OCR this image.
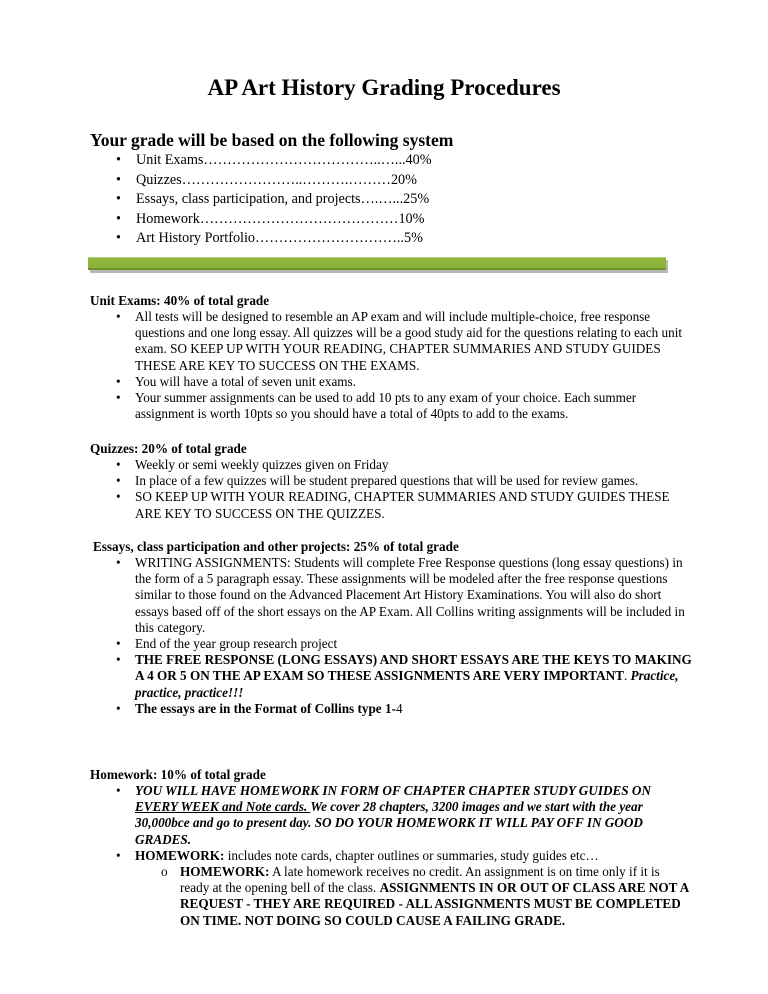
AP Art History Grading Procedures
Your grade will be based on the following system
• Unit Exams………………………………..…...40%
• Quizzes……………………..……….………20%
• Essays, class participation, and projects….…...25%
• Homework……………………………………10%
• Art History Portfolio…………………………..5%
Unit Exams: 40% of total grade
• All tests will be designed to resemble an AP exam and will include multiple-choice, free response questions and one long essay. All quizzes will be a good study aid for the questions relating to each unit exam. SO KEEP UP WITH YOUR READING, CHAPTER SUMMARIES AND STUDY GUIDES THESE ARE KEY TO SUCCESS ON THE EXAMS.
• You will have a total of seven unit exams.
• Your summer assignments can be used to add 10 pts to any exam of your choice. Each summer assignment is worth 10pts so you should have a total of 40pts to add to the exams.
Quizzes: 20% of total grade
• Weekly or semi weekly quizzes given on Friday
• In place of a few quizzes will be student prepared questions that will be used for review games.
• SO KEEP UP WITH YOUR READING, CHAPTER SUMMARIES AND STUDY GUIDES THESE ARE KEY TO SUCCESS ON THE QUIZZES.
Essays, class participation and other projects: 25% of total grade
• WRITING ASSIGNMENTS: Students will complete Free Response questions (long essay questions) in the form of a 5 paragraph essay. These assignments will be modeled after the free response questions similar to those found on the Advanced Placement Art History Examinations. You will also do short essays based off of the short essays on the AP Exam. All Collins writing assignments will be included in this category.
• End of the year group research project
• THE FREE RESPONSE (LONG ESSAYS) AND SHORT ESSAYS ARE THE KEYS TO MAKING A 4 OR 5 ON THE AP EXAM SO THESE ASSIGNMENTS ARE VERY IMPORTANT. Practice, practice, practice!!!
• The essays are in the Format of Collins type 1-4
Homework: 10% of total grade
• YOU WILL HAVE HOMEWORK IN FORM OF CHAPTER CHAPTER STUDY GUIDES ON EVERY WEEK and Note cards. We cover 28 chapters, 3200 images and we start with the year 30,000bce and go to present day. SO DO YOUR HOMEWORK IT WILL PAY OFF IN GOOD GRADES.
• HOMEWORK: includes note cards, chapter outlines or summaries, study guides etc…
o HOMEWORK: A late homework receives no credit. An assignment is on time only if it is ready at the opening bell of the class. ASSIGNMENTS IN OR OUT OF CLASS ARE NOT A REQUEST - THEY ARE REQUIRED - ALL ASSIGNMENTS MUST BE COMPLETED ON TIME. NOT DOING SO COULD CAUSE A FAILING GRADE.
